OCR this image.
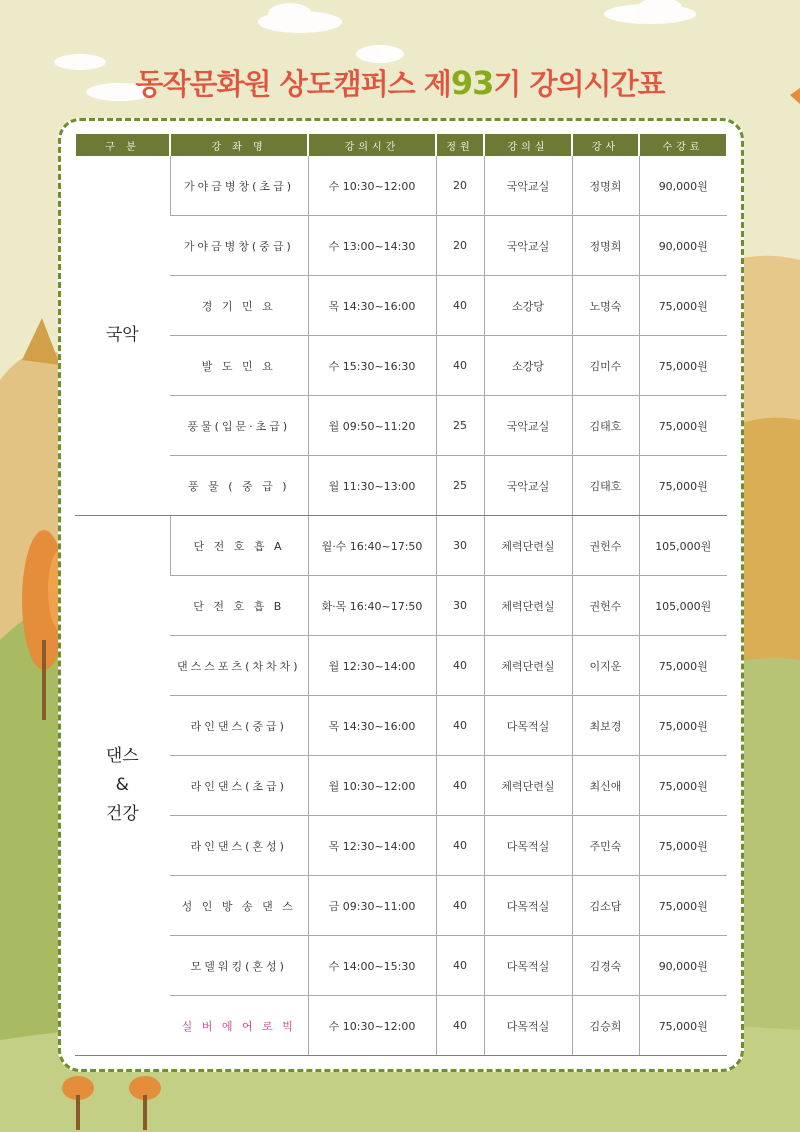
동작문화원 상도캠퍼스 제93기 강의시간표
구 분	강 좌 명	강의시간	정원	강의실	강사	수강료
국악	가야금병창(초급)	수 10:30~12:00	20	국악교실	정명희	90,000원
	가야금병창(중급)	수 13:00~14:30	20	국악교실	정명희	90,000원
	경 기 민 요	목 14:30~16:00	40	소강당	노명숙	75,000원
	발 도 민 요	수 15:30~16:30	40	소강당	김미수	75,000원
	풍물(입문·초급)	월 09:50~11:20	25	국악교실	김태호	75,000원
	풍 물 ( 중 급 )	월 11:30~13:00	25	국악교실	김태호	75,000원

댄스
&
건강	단 전 호 흡 A	월·수 16:40~17:50	30	체력단련실	권헌수	105,000원
	단 전 호 흡 B	화·목 16:40~17:50	30	체력단련실	권헌수	105,000원
	댄스스포츠(차차차)	월 12:30~14:00	40	체력단련실	이지운	75,000원
	라인댄스(중급)	목 14:30~16:00	40	다목적실	최보경	75,000원
	라인댄스(초급)	월 10:30~12:00	40	체력단련실	최신애	75,000원
	라인댄스(혼성)	목 12:30~14:00	40	다목적실	주민숙	75,000원
	성 인 방 송 댄 스	금 09:30~11:00	40	다목적실	김소담	75,000원
	모델워킹(혼성)	수 14:00~15:30	40	다목적실	김경숙	90,000원
	실 버 에 어 로 빅	수 10:30~12:00	40	다목적실	김승희	75,000원
